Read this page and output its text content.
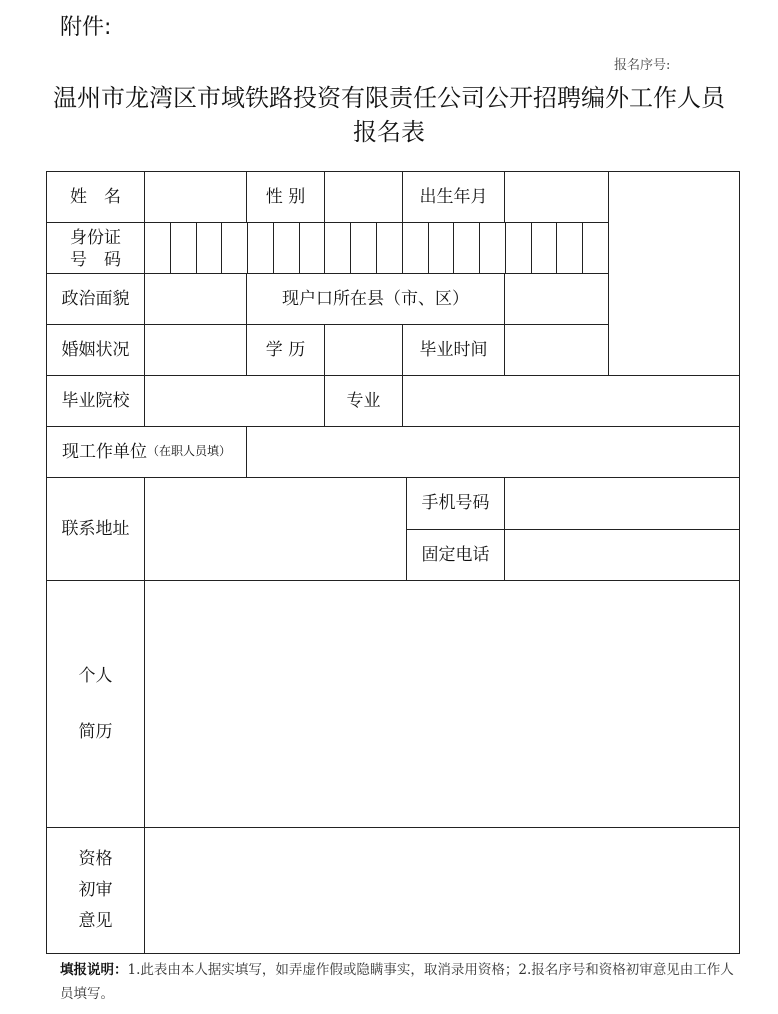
附件:
报名序号:
温州市龙湾区市域铁路投资有限责任公司公开招聘编外工作人员
报名表
姓　名	性 别	出生年月
身份证
号　码
政治面貌	现户口所在县（市、区）
婚姻状况	学 历	毕业时间
毕业院校	专业
现工作单位 （在职人员填）
联系地址
手机号码
固定电话
个人
简历
资格
初审
意见
填报说明：1.此表由本人据实填写，如弄虚作假或隐瞒事实，取消录用资格；2.报名序号和资格初审意见由工作人员填写。
